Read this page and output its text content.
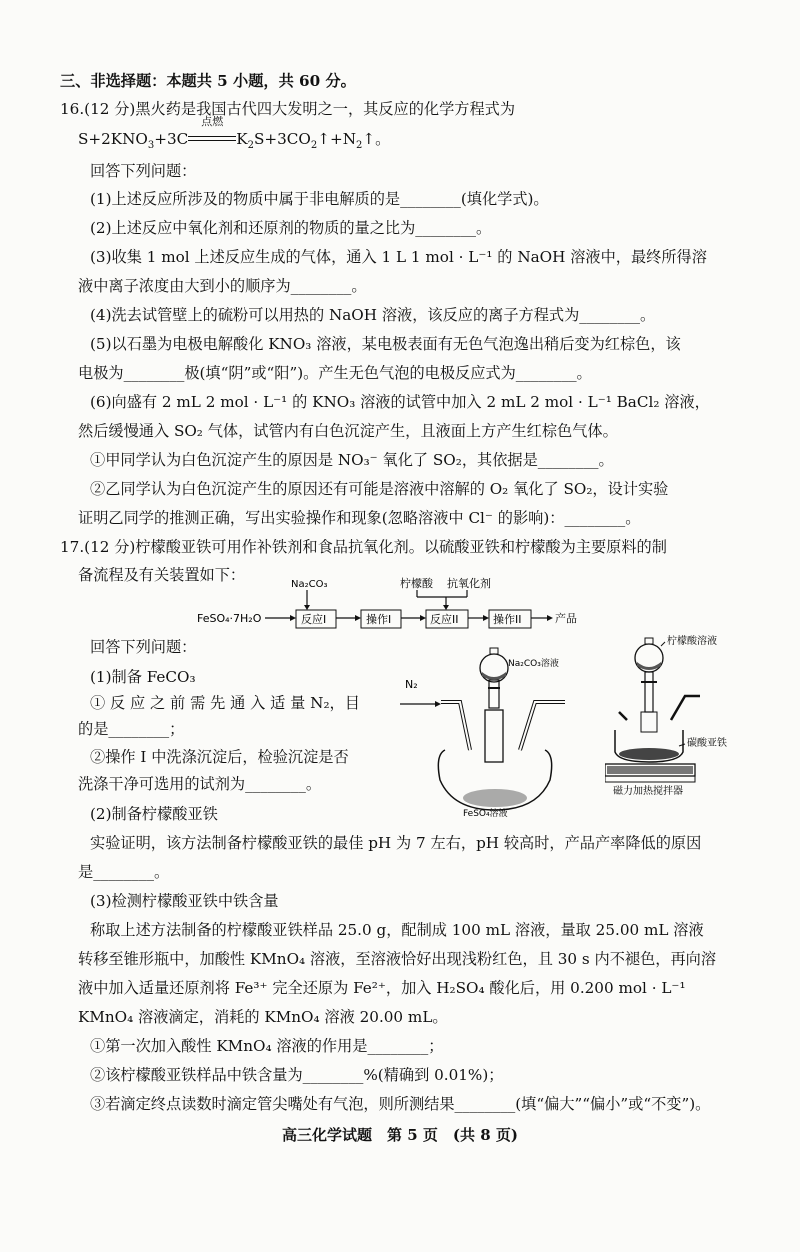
三、非选择题：本题共 5 小题，共 60 分。
16.(12 分)黑火药是我国古代四大发明之一，其反应的化学方程式为
$S+2KNO_3+3C$
点燃
$K_2S+3CO_2↑+N_2↑$。
回答下列问题：
(1)上述反应所涉及的物质中属于非电解质的是________(填化学式)。
(2)上述反应中氧化剂和还原剂的物质的量之比为________。
(3)收集 1 mol 上述反应生成的气体，通入 1 L 1 mol · L⁻¹ 的 NaOH 溶液中，最终所得溶
液中离子浓度由大到小的顺序为________。
(4)洗去试管壁上的硫粉可以用热的 NaOH 溶液，该反应的离子方程式为________。
(5)以石墨为电极电解酸化 KNO₃ 溶液，某电极表面有无色气泡逸出稍后变为红棕色，该
电极为________极(填“阴”或“阳”)。产生无色气泡的电极反应式为________。
(6)向盛有 2 mL 2 mol · L⁻¹ 的 KNO₃ 溶液的试管中加入 2 mL 2 mol · L⁻¹ BaCl₂ 溶液，
然后缓慢通入 SO₂ 气体，试管内有白色沉淀产生，且液面上方产生红棕色气体。
①甲同学认为白色沉淀产生的原因是 NO₃⁻ 氧化了 SO₂，其依据是________。
②乙同学认为白色沉淀产生的原因还有可能是溶液中溶解的 O₂ 氧化了 SO₂，设计实验
证明乙同学的推测正确，写出实验操作和现象(忽略溶液中 Cl⁻ 的影响)：________。
17.(12 分)柠檬酸亚铁可用作补铁剂和食品抗氧化剂。以硫酸亚铁和柠檬酸为主要原料的制
备流程及有关装置如下：
FeSO₄·7H₂O
Na₂CO₃
反应I	操作I
柠檬酸 抗氧化剂
反应II	操作II	产品
回答下列问题：
(1)制备 FeCO₃
① 反 应 之 前 需 先 通 入 适 量 N₂，目
的是________；
②操作 I 中洗涤沉淀后，检验沉淀是否
洗涤干净可选用的试剂为________。
N₂
Na₂CO₃溶液
FeSO₄溶液
柠檬酸溶液
碳酸亚铁
磁力加热搅拌器
(2)制备柠檬酸亚铁
实验证明，该方法制备柠檬酸亚铁的最佳 pH 为 7 左右，pH 较高时，产品产率降低的原因
是________。
(3)检测柠檬酸亚铁中铁含量
称取上述方法制备的柠檬酸亚铁样品 25.0 g，配制成 100 mL 溶液，量取 25.00 mL 溶液
转移至锥形瓶中，加酸性 KMnO₄ 溶液，至溶液恰好出现浅粉红色，且 30 s 内不褪色，再向溶
液中加入适量还原剂将 Fe³⁺ 完全还原为 Fe²⁺，加入 H₂SO₄ 酸化后，用 0.200 mol · L⁻¹
KMnO₄ 溶液滴定，消耗的 KMnO₄ 溶液 20.00 mL。
①第一次加入酸性 KMnO₄ 溶液的作用是________；
②该柠檬酸亚铁样品中铁含量为________%(精确到 0.01%)；
③若滴定终点读数时滴定管尖嘴处有气泡，则所测结果________(填“偏大”“偏小”或“不变”)。
高三化学试题　第 5 页　(共 8 页)
